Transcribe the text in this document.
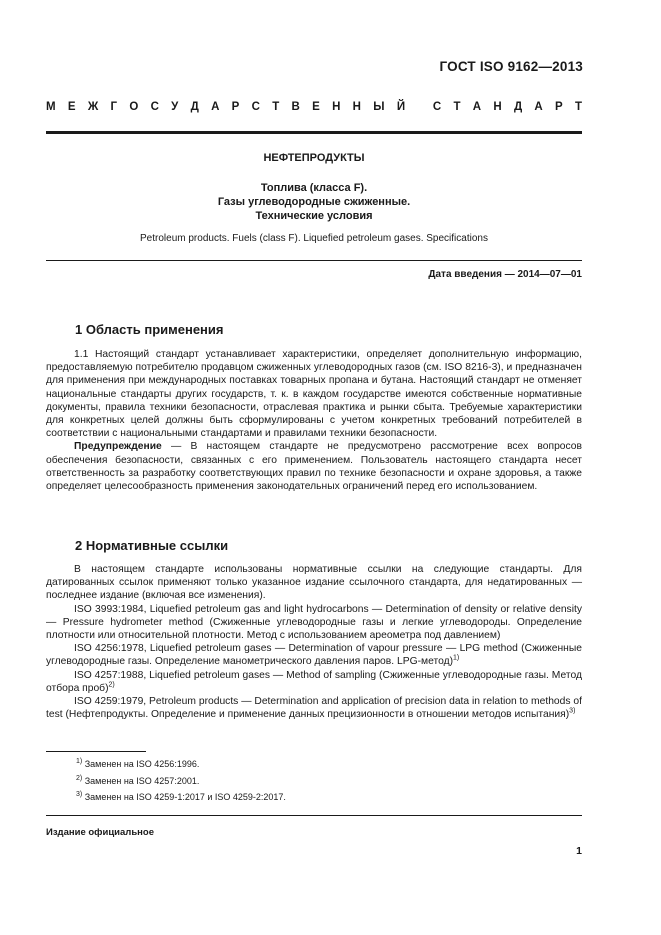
ГОСТ ISO 9162—2013
М Е Ж Г О С У Д А Р С Т В Е Н Н Ы Й
С Т А Н Д А Р Т
НЕФТЕПРОДУКТЫ
Топлива (класса F).
Газы углеводородные сжиженные.
Технические условия
Petroleum products. Fuels (class F). Liquefied petroleum gases. Specifications
Дата введения — 2014—07—01
1 Область применения

1.1 Настоящий стандарт устанавливает характеристики, определяет дополнительную информацию, предоставляемую потребителю продавцом сжиженных углеводородных газов (см. ISO 8216-3), и предназначен для применения при международных поставках товарных пропана и бутана. Настоящий стандарт не отменяет национальные стандарты других государств, т. к. в каждом государстве имеются собственные нормативные документы, правила техники безопасности, отраслевая практика и рынки сбыта. Требуемые характеристики для конкретных целей должны быть сформулированы с учетом конкретных требований потребителей в соответствии с национальными стандартами и правилами техники безопасности.

Предупреждение — В настоящем стандарте не предусмотрено рассмотрение всех вопросов обеспечения безопасности, связанных с его применением. Пользователь настоящего стандарта несет ответственность за разработку соответствующих правил по технике безопасности и охране здоровья, а также определяет целесообразность применения законодательных ограничений перед его использованием.

2 Нормативные ссылки

В настоящем стандарте использованы нормативные ссылки на следующие стандарты. Для датированных ссылок применяют только указанное издание ссылочного стандарта, для недатированных — последнее издание (включая все изменения).

ISO 3993:1984, Liquefied petroleum gas and light hydrocarbons — Determination of density or relative density — Pressure hydrometer method (Сжиженные углеводородные газы и легкие углеводороды. Определение плотности или относительной плотности. Метод с использованием ареометра под давлением)

ISO 4256:1978, Liquefied petroleum gases — Determination of vapour pressure — LPG method (Сжиженные углеводородные газы. Определение манометрического давления паров. LPG-метод)$^{1)}$

ISO 4257:1988, Liquefied petroleum gases — Method of sampling (Сжиженные углеводородные газы. Метод отбора проб)$^{2)}$

ISO 4259:1979, Petroleum products — Determination and application of precision data in relation to methods of test (Нефтепродукты. Определение и применение данных прецизионности в отношении методов испытания)$^{3)}$

$^{1)}$ Заменен на ISO 4256:1996.
$^{2)}$ Заменен на ISO 4257:2001.
$^{3)}$ Заменен на ISO 4259-1:2017 и ISO 4259-2:2017.
Издание официальное
1
